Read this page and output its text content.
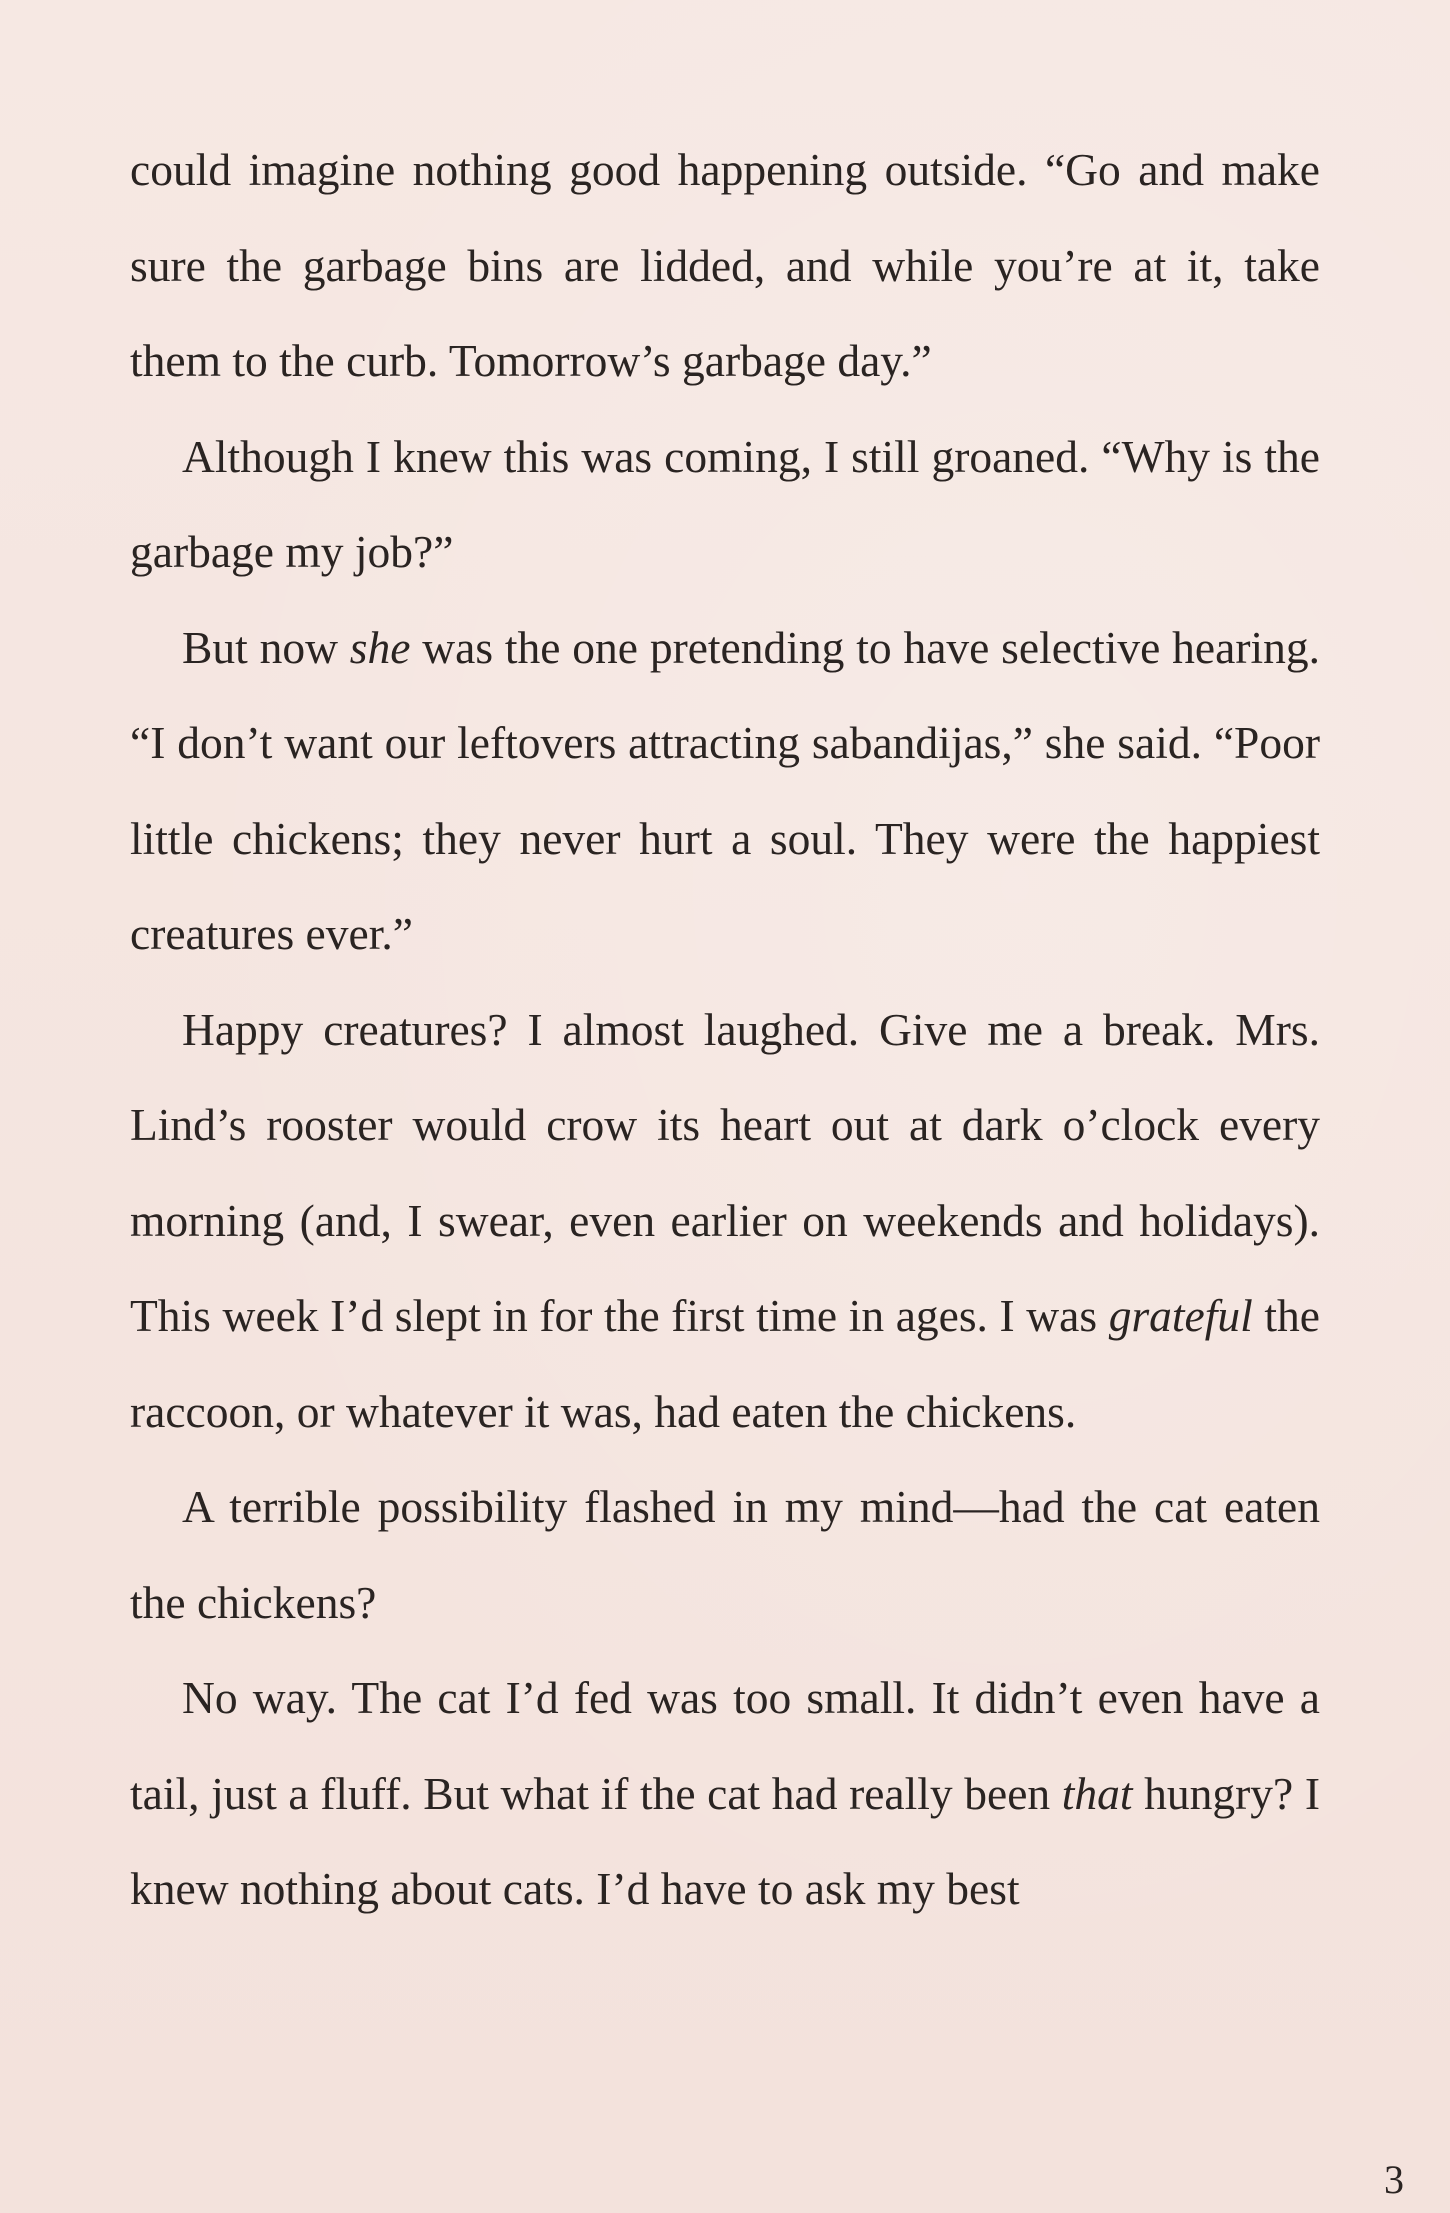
could imagine nothing good happening outside. “Go and make sure the garbage bins are lidded, and while you’re at it, take them to the curb. Tomorrow’s garbage day.”

Although I knew this was coming, I still groaned. “Why is the garbage my job?”

But now she was the one pretending to have selective hearing. “I don’t want our leftovers attracting sabandijas,” she said. “Poor little chickens; they never hurt a soul. They were the happiest creatures ever.”

Happy creatures? I almost laughed. Give me a break. Mrs. Lind’s rooster would crow its heart out at dark o’clock every morning (and, I swear, even earlier on weekends and holidays). This week I’d slept in for the first time in ages. I was grateful the raccoon, or whatever it was, had eaten the chickens.

A terrible possibility flashed in my mind—had the cat eaten the chickens?

No way. The cat I’d fed was too small. It didn’t even have a tail, just a fluff. But what if the cat had really been that hungry? I knew nothing about cats. I’d have to ask my best

3
